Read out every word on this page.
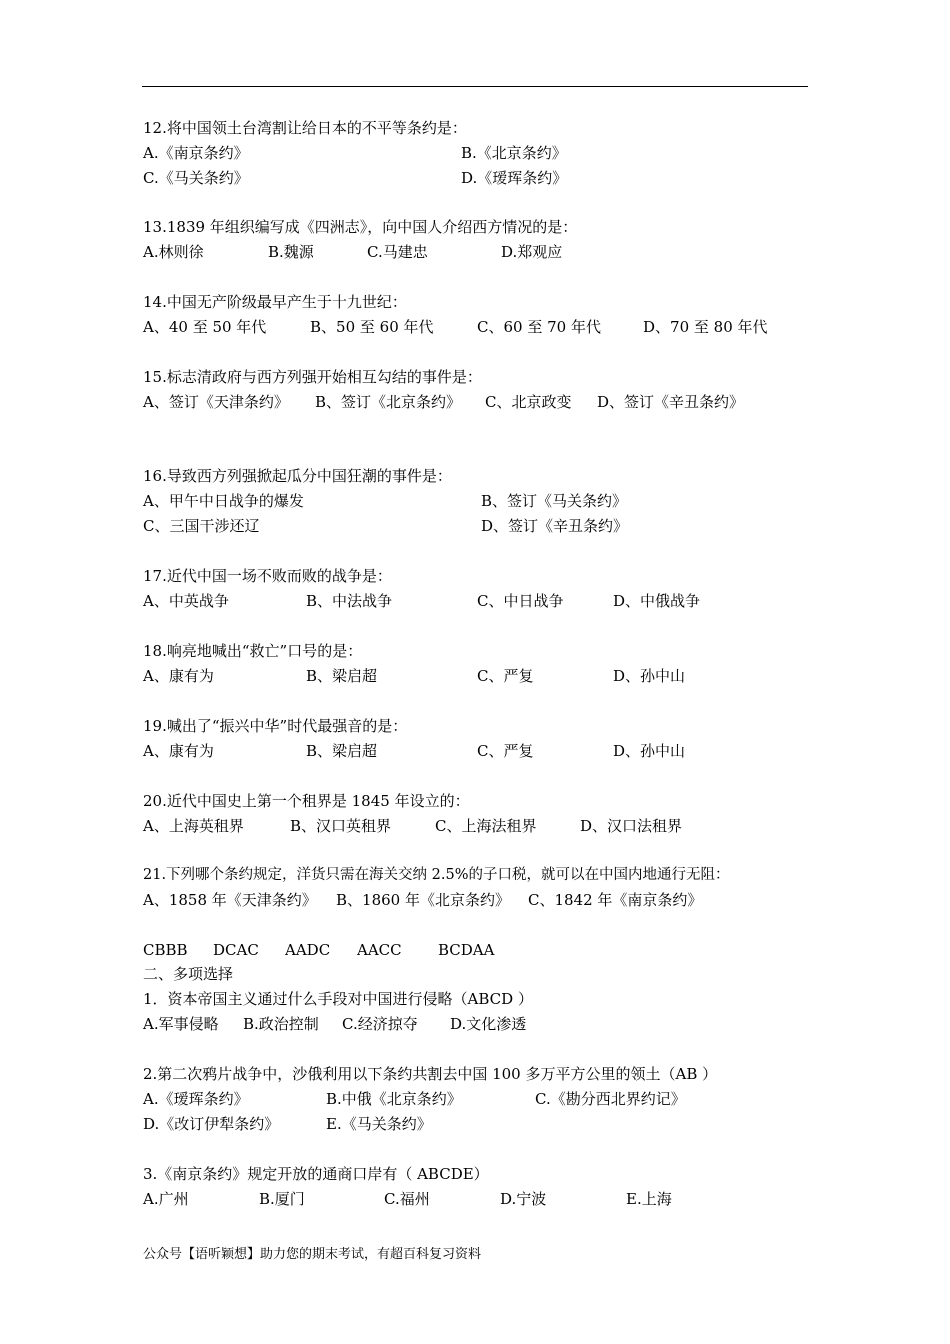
12.将中国领土台湾割让给日本的不平等条约是：
A.《南京条约》	B.《北京条约》
C.《马关条约》	D.《瑷珲条约》
13.1839 年组织编写成《四洲志》，向中国人介绍西方情况的是：
A.林则徐	B.魏源	C.马建忠	D.郑观应
14.中国无产阶级最早产生于十九世纪：
A、40 至 50 年代	B、50 至 60 年代	C、60 至 70 年代	D、70 至 80 年代
15.标志清政府与西方列强开始相互勾结的事件是：
A、签订《天津条约》 B、签订《北京条约》 C、北京政变 D、签订《辛丑条约》
16.导致西方列强掀起瓜分中国狂潮的事件是：
A、甲午中日战争的爆发	B、签订《马关条约》
C、三国干涉还辽	D、签订《辛丑条约》
17.近代中国一场不败而败的战争是：
A、中英战争	B、中法战争	C、中日战争	D、中俄战争
18.响亮地喊出“救亡”口号的是：
A、康有为	B、梁启超	C、严复	D、孙中山
19.喊出了“振兴中华”时代最强音的是：
A、康有为	B、梁启超	C、严复	D、孙中山
20.近代中国史上第一个租界是 1845 年设立的：
A、上海英租界	B、汉口英租界	C、上海法租界	D、汉口法租界
21.下列哪个条约规定，洋货只需在海关交纳 2.5%的子口税，就可以在中国内地通行无阻：
A、1858 年《天津条约》 B、1860 年《北京条约》 C、1842 年《南京条约》
CBBB DCAC AADC AACC BCDAA
二、多项选择
1．资本帝国主义通过什么手段对中国进行侵略（ABCD ）
A.军事侵略 B.政治控制 C.经济掠夺 D.文化渗透
2.第二次鸦片战争中，沙俄利用以下条约共割去中国 100 多万平方公里的领土（AB ）
A.《瑷珲条约》	B.中俄《北京条约》	C.《勘分西北界约记》
D.《改订伊犁条约》	E.《马关条约》
3.《南京条约》规定开放的通商口岸有（ ABCDE）
A.广州	B.厦门	C.福州	D.宁波	E.上海
公众号【语听颖想】助力您的期末考试，有超百科复习资料
